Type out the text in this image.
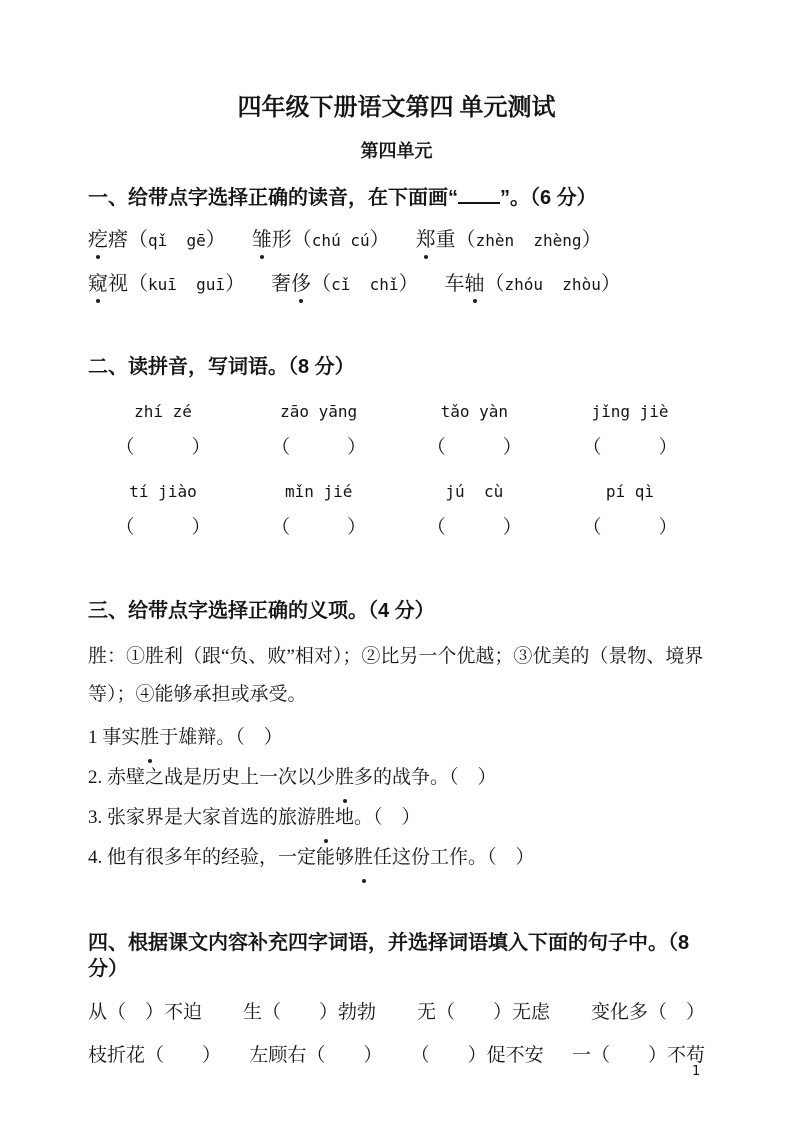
四年级下册语文第四 单元测试
第四单元

一、给带点字选择正确的读音，在下面画“ ”。（6 分）

疙瘩（qǐ  gē） 雏形（chú cú） 郑重（zhèn  zhèng）
窥视（kuī  guī） 奢侈（cǐ  chǐ） 车轴（zhóu  zhòu）

二、读拼音，写词语。（8 分）

zhí zé	zāo yāng	tǎo yàn	jǐng jiè
（　　　）	（　　　）	（　　　）	（　　　）
tí jiào	mǐn jié	jú  cù	pí qì
（　　　）	（　　　）	（　　　）	（　　　）

三、给带点字选择正确的义项。（4 分）

胜：①胜利（跟“负、败”相对）；②比另一个优越；③优美的（景物、境界等）；④能够承担或承受。

1 事实胜于雄辩。（　）

2. 赤壁之战是历史上一次以少胜多的战争。（　）

3. 张家界是大家首选的旅游胜地。（　）

4. 他有很多年的经验，一定能够胜任这份工作。（　）

四、根据课文内容补充四字词语，并选择词语填入下面的句子中。（8 分）

从（　）不迫 生（　　）勃勃 无（　　）无虑 变化多（　）
枝折花（　　） 左顾右（　　） （　　）促不安 一（　　）不苟
1
